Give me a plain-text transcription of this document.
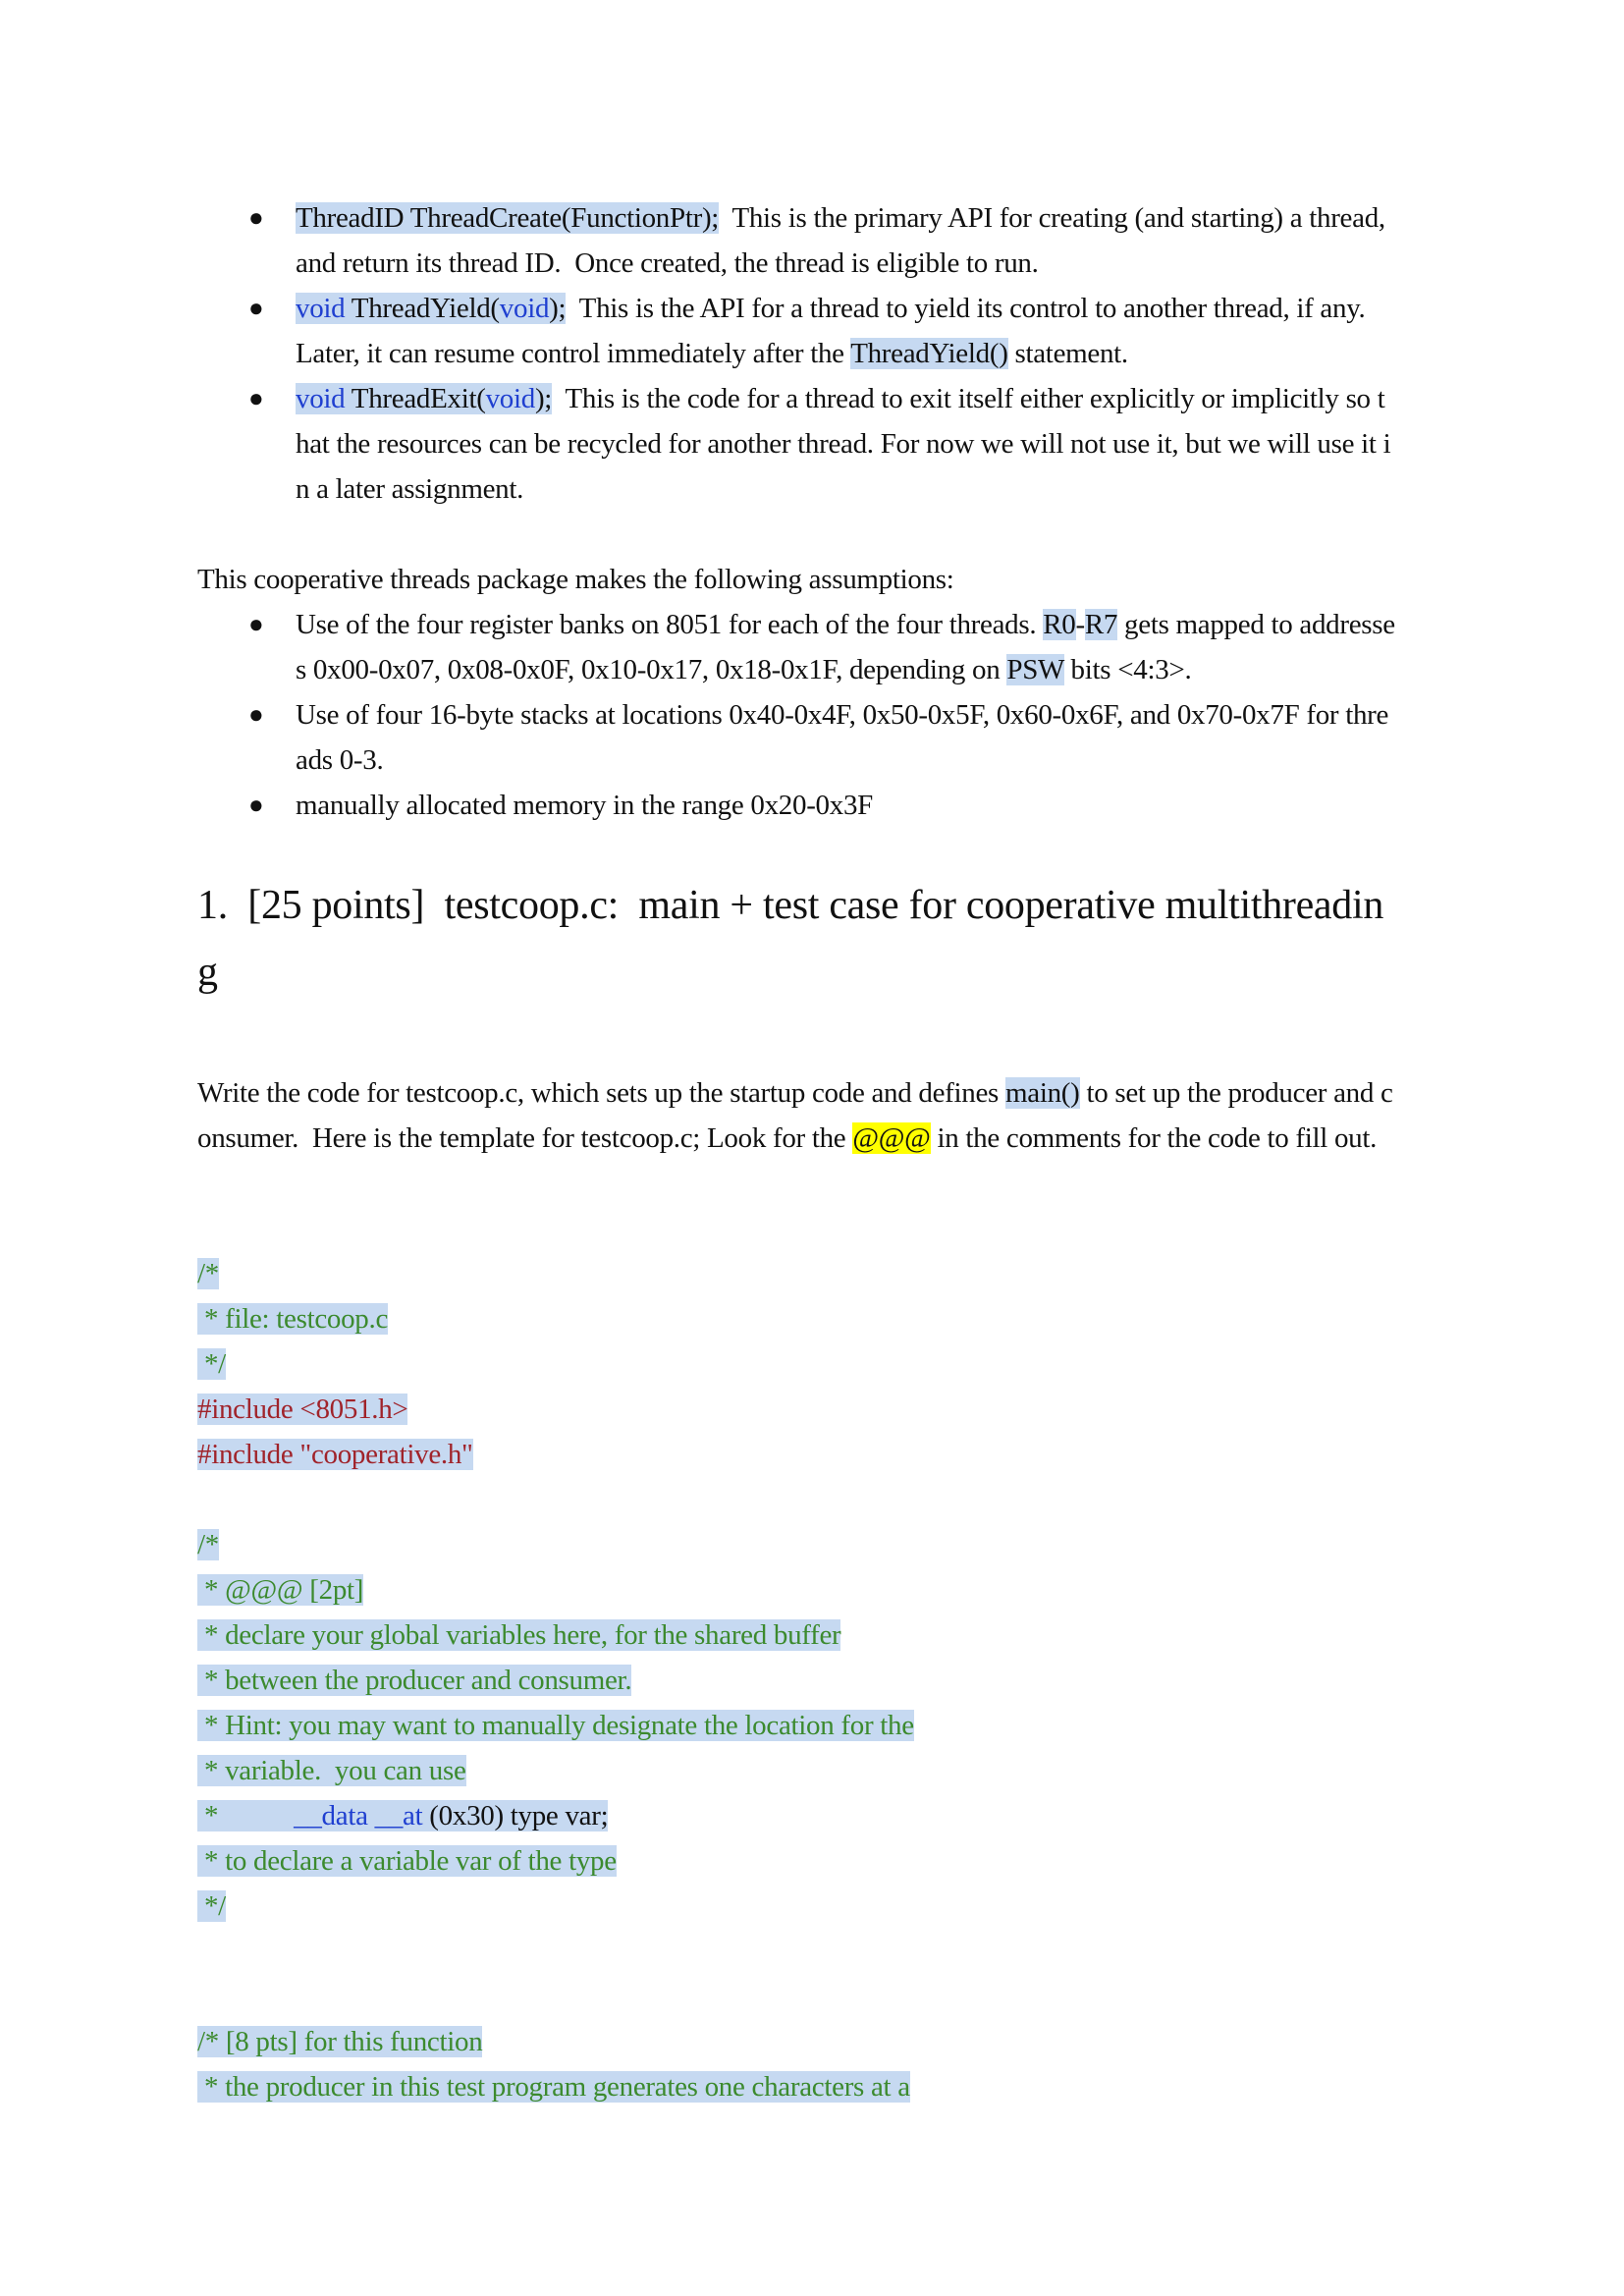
● ThreadID ThreadCreate(FunctionPtr);  This is the primary API for creating (and starting) a thread,
and return its thread ID.  Once created, the thread is eligible to run.
● void ThreadYield(void);  This is the API for a thread to yield its control to another thread, if any.
Later, it can resume control immediately after the ThreadYield() statement.
● void ThreadExit(void);  This is the code for a thread to exit itself either explicitly or implicitly so t
hat the resources can be recycled for another thread. For now we will not use it, but we will use it i
n a later assignment.
This cooperative threads package makes the following assumptions:
● Use of the four register banks on 8051 for each of the four threads. R0-R7 gets mapped to addresse
s 0x00-0x07, 0x08-0x0F, 0x10-0x17, 0x18-0x1F, depending on PSW bits <4:3>.
● Use of four 16-byte stacks at locations 0x40-0x4F, 0x50-0x5F, 0x60-0x6F, and 0x70-0x7F for thre
ads 0-3.
● manually allocated memory in the range 0x20-0x3F
1.  [25 points]  testcoop.c:  main + test case for cooperative multithreadin
g
Write the code for testcoop.c, which sets up the startup code and defines main() to set up the producer and c
onsumer.  Here is the template for testcoop.c; Look for the @@@ in the comments for the code to fill out.
/*
* file: testcoop.c
*/
#include <8051.h>
#include "cooperative.h"
/*
* @@@ [2pt]
* declare your global variables here, for the shared buffer
* between the producer and consumer.
* Hint: you may want to manually designate the location for the
* variable.  you can use
*	__data __at (0x30) type var;
* to declare a variable var of the type
*/
/* [8 pts] for this function
* the producer in this test program generates one characters at a
